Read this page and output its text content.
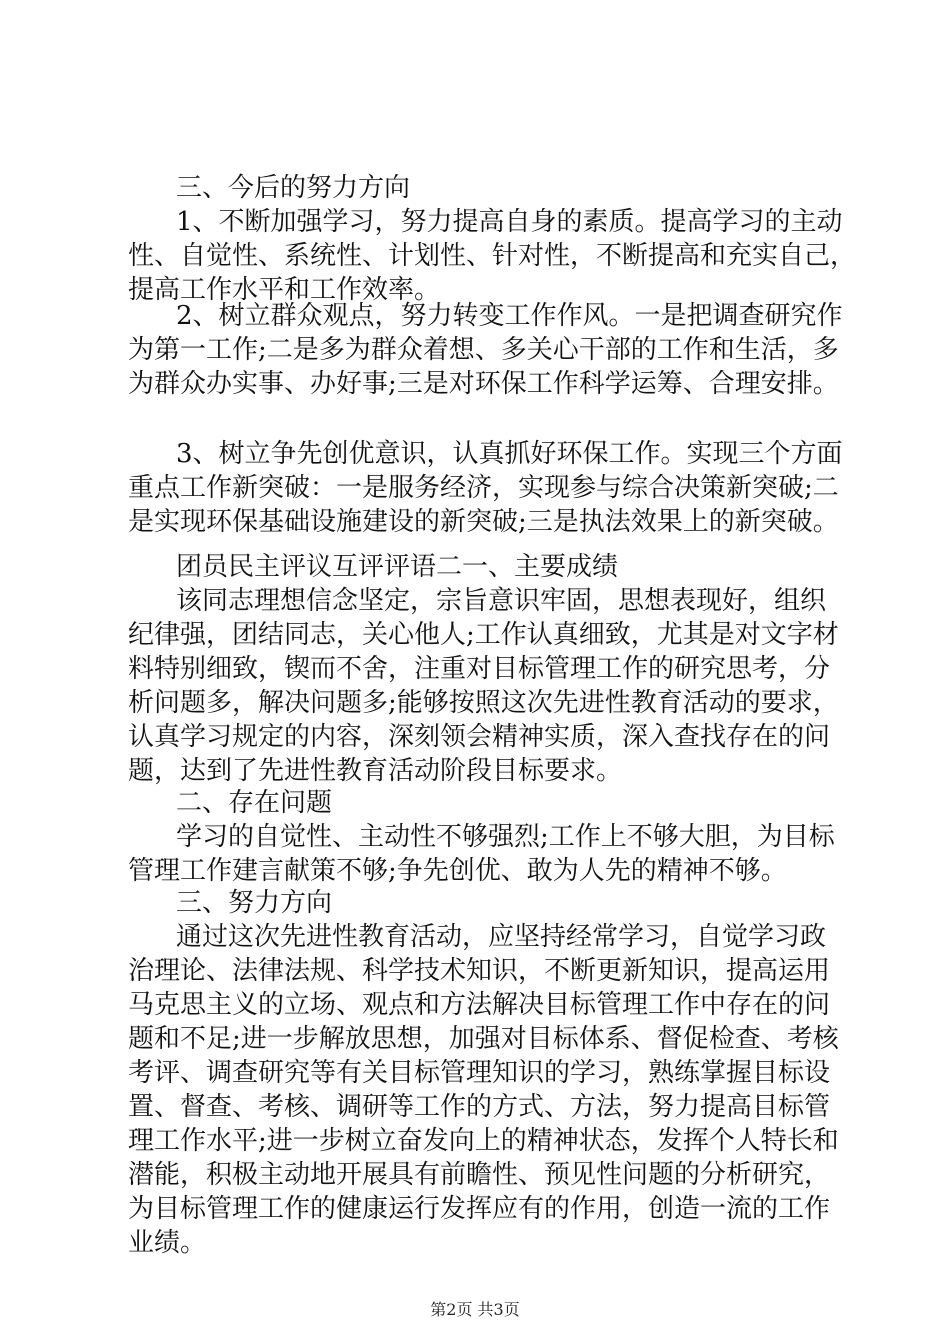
三、今后的努力方向
1、不断加强学习，努力提高自身的素质。提高学习的主动
性、自觉性、系统性、计划性、针对性，不断提高和充实自己，
提高工作水平和工作效率。
2、树立群众观点，努力转变工作作风。一是把调查研究作
为第一工作;二是多为群众着想、多关心干部的工作和生活，多
为群众办实事、办好事;三是对环保工作科学运筹、合理安排。
3、树立争先创优意识，认真抓好环保工作。实现三个方面
重点工作新突破：一是服务经济，实现参与综合决策新突破;二
是实现环保基础设施建设的新突破;三是执法效果上的新突破。
团员民主评议互评评语二一、主要成绩
该同志理想信念坚定，宗旨意识牢固，思想表现好，组织
纪律强，团结同志，关心他人;工作认真细致，尤其是对文字材
料特别细致，锲而不舍，注重对目标管理工作的研究思考，分
析问题多，解决问题多;能够按照这次先进性教育活动的要求，
认真学习规定的内容，深刻领会精神实质，深入查找存在的问
题，达到了先进性教育活动阶段目标要求。
二、存在问题
学习的自觉性、主动性不够强烈;工作上不够大胆，为目标
管理工作建言献策不够;争先创优、敢为人先的精神不够。
三、努力方向
通过这次先进性教育活动，应坚持经常学习，自觉学习政
治理论、法律法规、科学技术知识，不断更新知识，提高运用
马克思主义的立场、观点和方法解决目标管理工作中存在的问
题和不足;进一步解放思想，加强对目标体系、督促检查、考核
考评、调查研究等有关目标管理知识的学习，熟练掌握目标设
置、督查、考核、调研等工作的方式、方法，努力提高目标管
理工作水平;进一步树立奋发向上的精神状态，发挥个人特长和
潜能，积极主动地开展具有前瞻性、预见性问题的分析研究，
为目标管理工作的健康运行发挥应有的作用，创造一流的工作
业绩。
第2页 共3页
